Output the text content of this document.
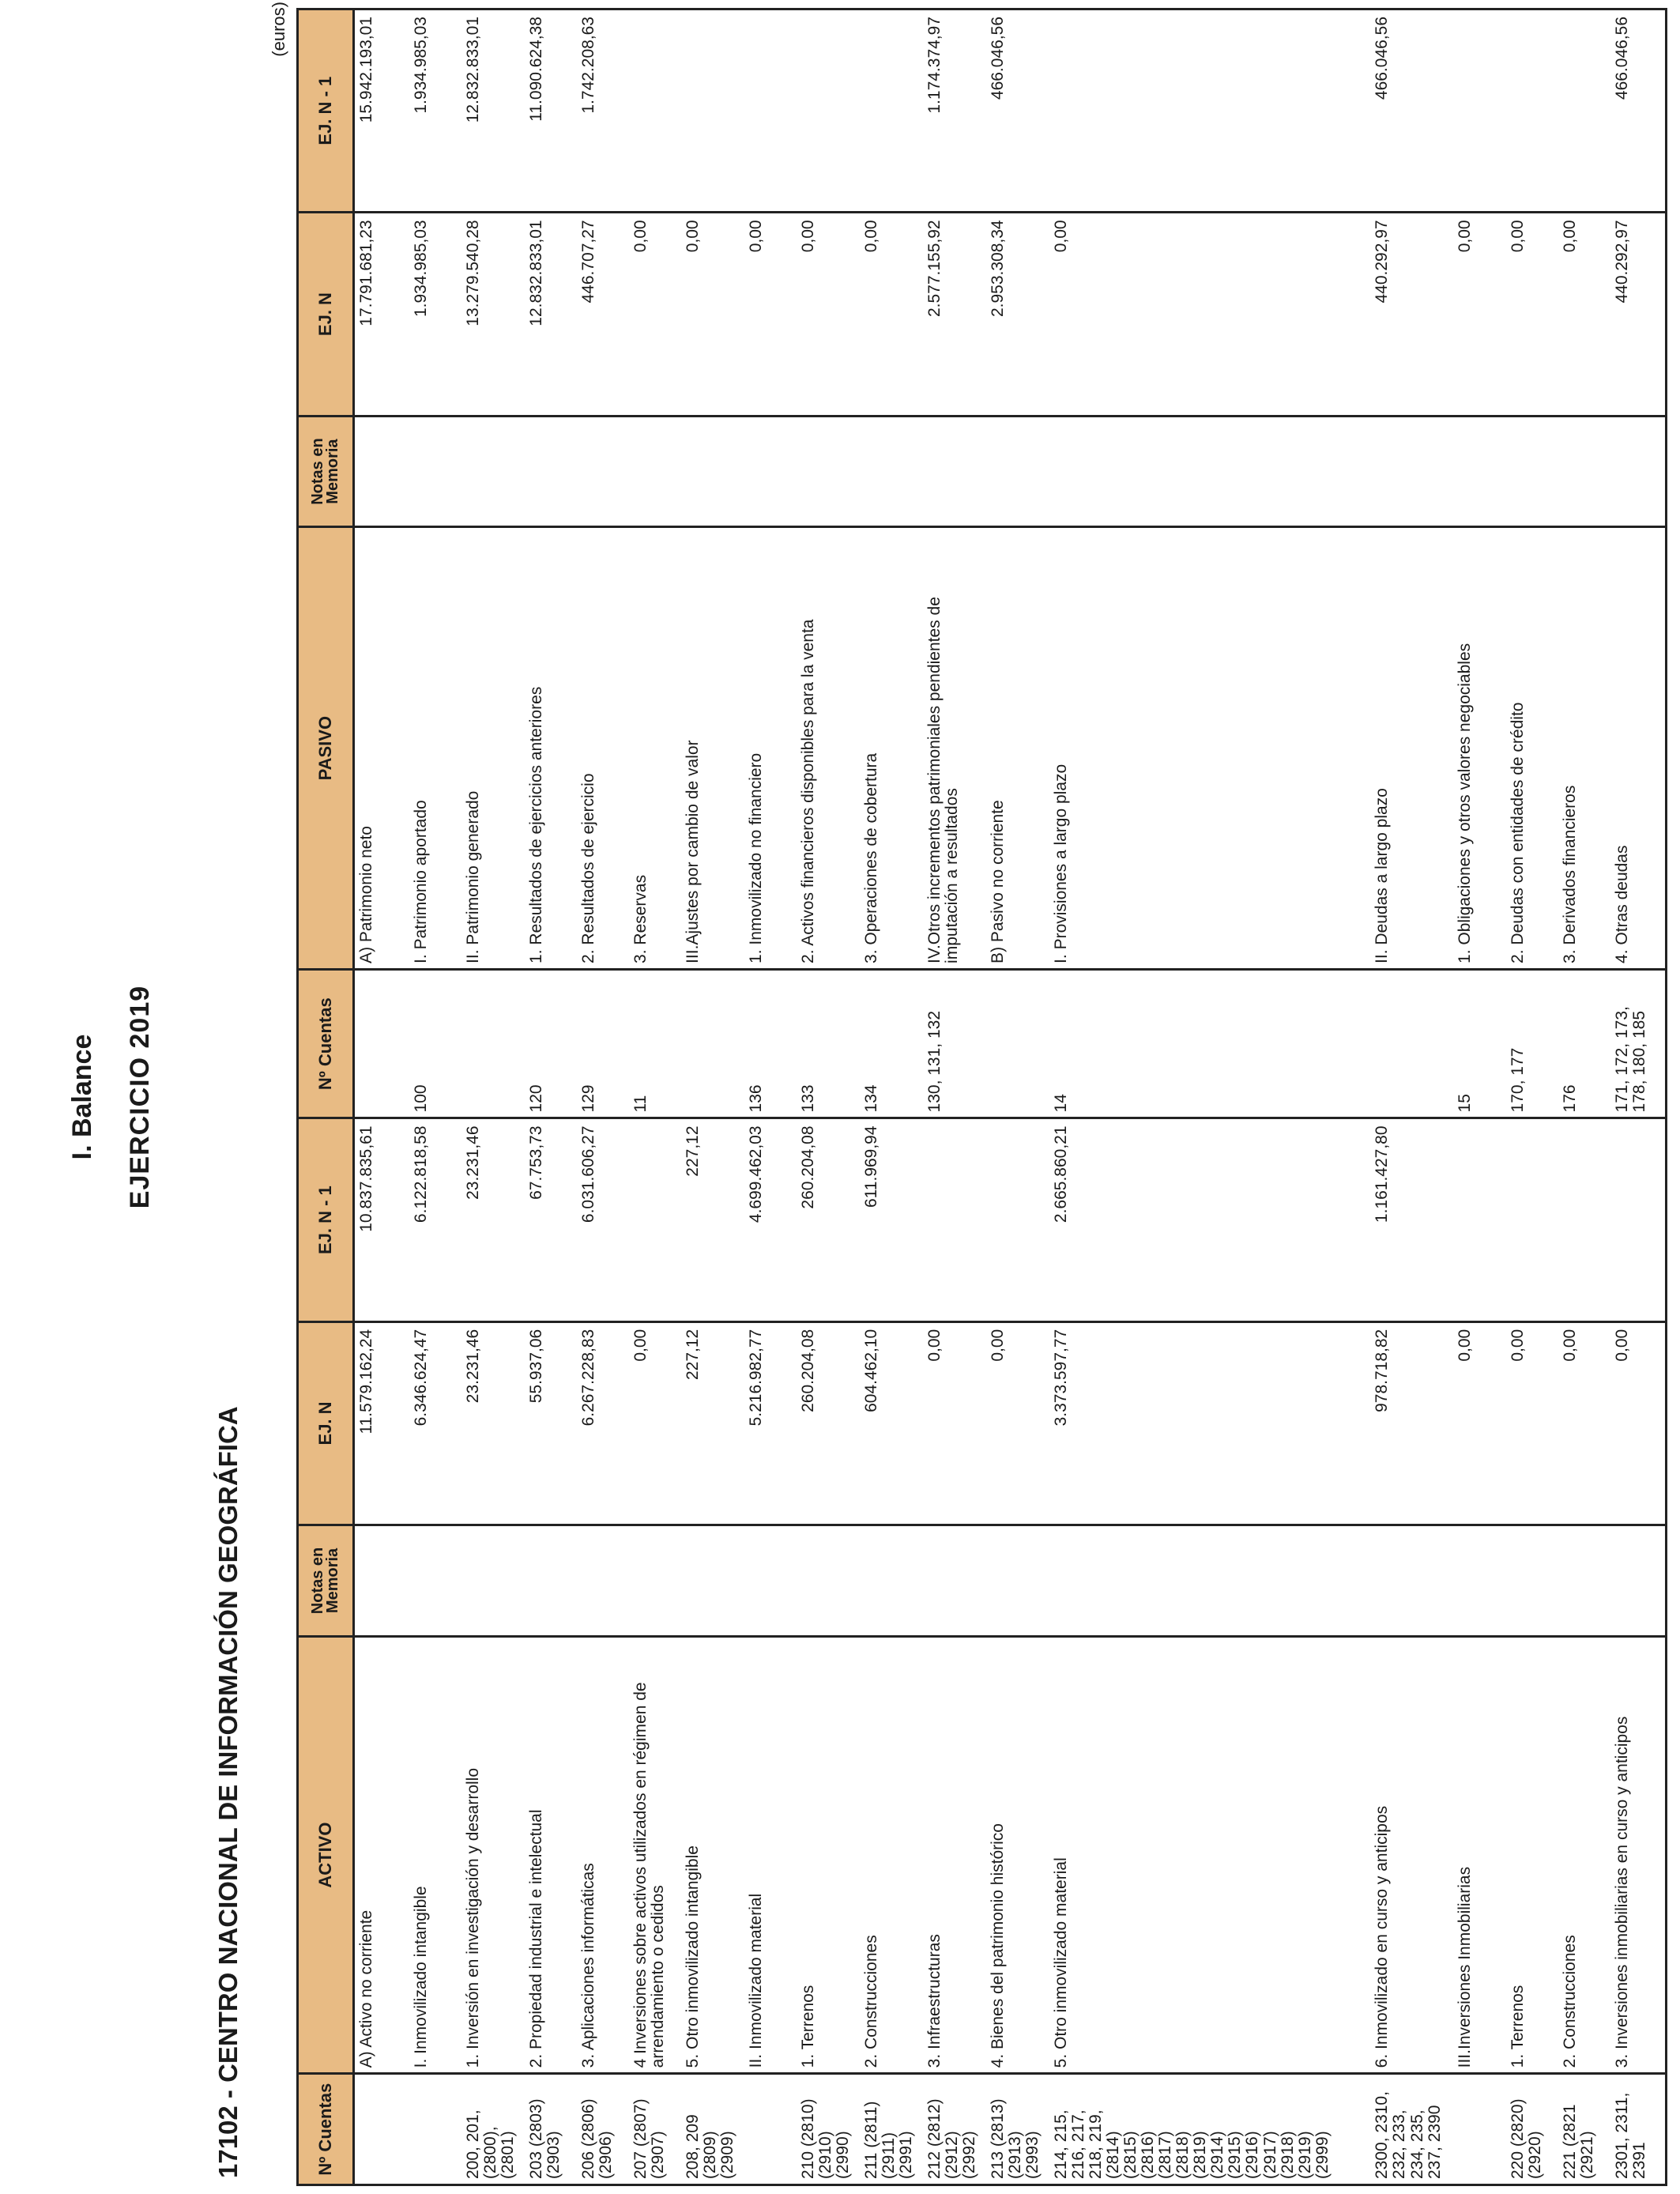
I. Balance EJERCICIO 2019
17102 - CENTRO NACIONAL DE INFORMACIÓN GEOGRÁFICA
(euros)
Nº Cuentas	ACTIVO	Notas en Memoria	EJ. N	EJ. N - 1	Nº Cuentas	PASIVO	Notas en Memoria	EJ. N	EJ. N - 1
	A) Activo no corriente		11.579.162,24	10.837.835,61		A) Patrimonio neto		17.791.681,23	15.942.193,01
	I. Inmovilizado intangible		6.346.624,47	6.122.818,58	100	I. Patrimonio aportado		1.934.985,03	1.934.985,03
200, 201, (2800), (2801)	1. Inversión en investigación y desarrollo		23.231,46	23.231,46		II. Patrimonio generado		13.279.540,28	12.832.833,01
203 (2803) (2903)	2. Propiedad industrial e intelectual		55.937,06	67.753,73	120	1. Resultados de ejercicios anteriores		12.832.833,01	11.090.624,38
206 (2806) (2906)	3. Aplicaciones informáticas		6.267.228,83	6.031.606,27	129	2. Resultados de ejercicio		446.707,27	1.742.208,63
207 (2807) (2907)	4 Inversiones sobre activos utilizados en régimen de arrendamiento o cedidos		0,00		11	3. Reservas		0,00	
208, 209 (2809) (2909)	5. Otro inmovilizado intangible		227,12	227,12		III.Ajustes por cambio de valor		0,00	
	II. Inmovilizado material		5.216.982,77	4.699.462,03	136	1. Inmovilizado no financiero		0,00	
210 (2810) (2910) (2990)	1. Terrenos		260.204,08	260.204,08	133	2. Activos financieros disponibles para la venta		0,00	
211 (2811) (2911) (2991)	2. Construcciones		604.462,10	611.969,94	134	3. Operaciones de cobertura		0,00	
212 (2812) (2912) (2992)	3. Infraestructuras		0,00		130, 131, 132	IV.Otros incrementos patrimoniales pendientes de imputación a resultados		2.577.155,92	1.174.374,97
213 (2813) (2913) (2993)	4. Bienes del patrimonio histórico		0,00			B) Pasivo no corriente		2.953.308,34	466.046,56
214, 215, 216, 217, 218, 219, (2814) (2815) (2816) (2817) (2818) (2819) (2914) (2915) (2916) (2917) (2918) (2919) (2999)	5. Otro inmovilizado material		3.373.597,77	2.665.860,21	14	I. Provisiones a largo plazo		0,00	
2300, 2310, 232, 233, 234, 235, 237, 2390	6. Inmovilizado en curso y anticipos		978.718,82	1.161.427,80		II. Deudas a largo plazo		440.292,97	466.046,56
	III.Inversiones Inmobiliarias		0,00		15	1. Obligaciones y otros valores negociables		0,00	
220 (2820) (2920)	1. Terrenos		0,00		170, 177	2. Deudas con entidades de crédito		0,00	
221 (2821 (2921)	2. Construcciones		0,00		176	3. Derivados financieros		0,00	
2301, 2311, 2391	3. Inversiones inmobiliarias en curso y anticipos		0,00		171, 172, 173, 178, 180, 185	4. Otras deudas		440.292,97	466.046,56
